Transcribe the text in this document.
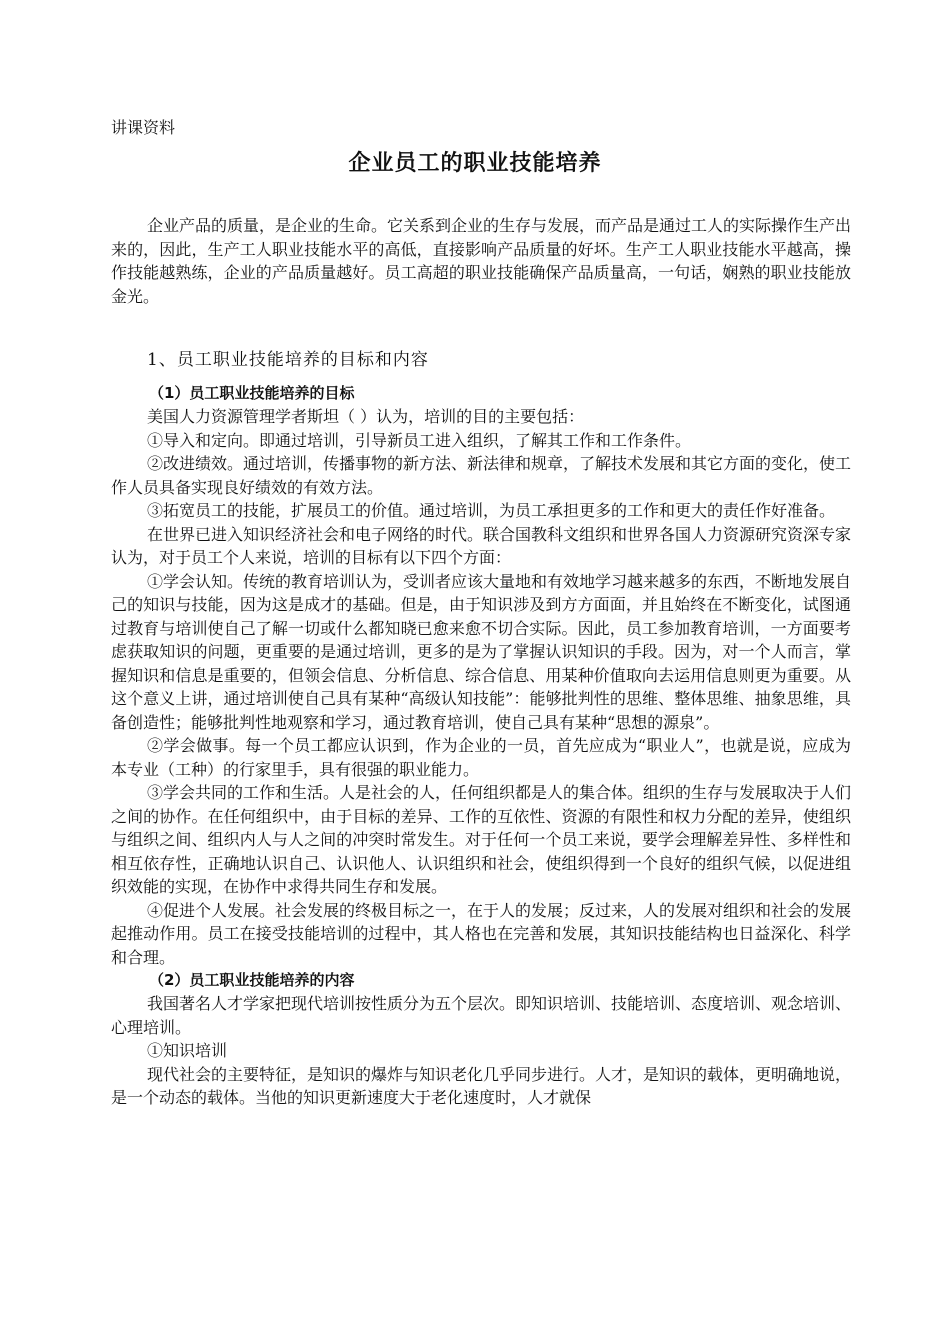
讲课资料
企业员工的职业技能培养

企业产品的质量，是企业的生命。它关系到企业的生存与发展，而产品是通过工人的实际操作生产出来的，因此，生产工人职业技能水平的高低，直接影响产品质量的好坏。生产工人职业技能水平越高，操作技能越熟练，企业的产品质量越好。员工高超的职业技能确保产品质量高，一句话，娴熟的职业技能放金光。

1、员工职业技能培养的目标和内容

（1）员工职业技能培养的目标

美国人力资源管理学者斯坦（ ）认为，培训的目的主要包括：

①导入和定向。即通过培训，引导新员工进入组织，了解其工作和工作条件。

②改进绩效。通过培训，传播事物的新方法、新法律和规章，了解技术发展和其它方面的变化，使工作人员具备实现良好绩效的有效方法。

③拓宽员工的技能，扩展员工的价值。通过培训，为员工承担更多的工作和更大的责任作好准备。

在世界已进入知识经济社会和电子网络的时代。联合国教科文组织和世界各国人力资源研究资深专家认为，对于员工个人来说，培训的目标有以下四个方面：

①学会认知。传统的教育培训认为，受训者应该大量地和有效地学习越来越多的东西，不断地发展自己的知识与技能，因为这是成才的基础。但是，由于知识涉及到方方面面，并且始终在不断变化，试图通过教育与培训使自己了解一切或什么都知晓已愈来愈不切合实际。因此，员工参加教育培训，一方面要考虑获取知识的问题，更重要的是通过培训，更多的是为了掌握认识知识的手段。因为，对一个人而言，掌握知识和信息是重要的，但领会信息、分析信息、综合信息、用某种价值取向去运用信息则更为重要。从这个意义上讲，通过培训使自己具有某种“高级认知技能”：能够批判性的思维、整体思维、抽象思维，具备创造性；能够批判性地观察和学习，通过教育培训，使自己具有某种“思想的源泉”。

②学会做事。每一个员工都应认识到，作为企业的一员，首先应成为“职业人”，也就是说，应成为本专业（工种）的行家里手，具有很强的职业能力。

③学会共同的工作和生活。人是社会的人，任何组织都是人的集合体。组织的生存与发展取决于人们之间的协作。在任何组织中，由于目标的差异、工作的互依性、资源的有限性和权力分配的差异，使组织与组织之间、组织内人与人之间的冲突时常发生。对于任何一个员工来说，要学会理解差异性、多样性和相互依存性，正确地认识自己、认识他人、认识组织和社会，使组织得到一个良好的组织气候，以促进组织效能的实现，在协作中求得共同生存和发展。

④促进个人发展。社会发展的终极目标之一，在于人的发展；反过来，人的发展对组织和社会的发展起推动作用。员工在接受技能培训的过程中，其人格也在完善和发展，其知识技能结构也日益深化、科学和合理。

（2）员工职业技能培养的内容

我国著名人才学家把现代培训按性质分为五个层次。即知识培训、技能培训、态度培训、观念培训、心理培训。

①知识培训

现代社会的主要特征，是知识的爆炸与知识老化几乎同步进行。人才，是知识的载体，更明确地说，是一个动态的载体。当他的知识更新速度大于老化速度时，人才就保
